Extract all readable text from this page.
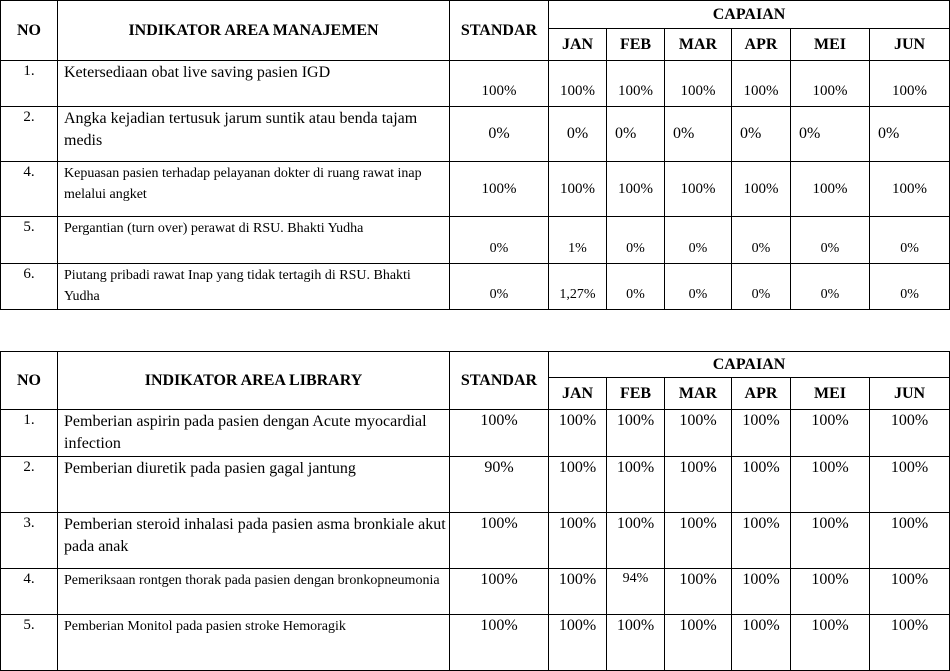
NO	INDIKATOR AREA MANAJEMEN	STANDAR	CAPAIAN					
			JAN	FEB	MAR	APR	MEI	JUN
1.	Ketersediaan obat live saving pasien IGD	100%	100%	100%	100%	100%	100%	100%
2.	Angka kejadian tertusuk jarum suntik atau benda tajam medis	0%	0%	0%	0%	0%	0%	0%
4.	Kepuasan pasien terhadap pelayanan dokter di ruang rawat inap melalui angket	100%	100%	100%	100%	100%	100%	100%
5.	Pergantian (turn over) perawat di RSU. Bhakti Yudha	0%	1%	0%	0%	0%	0%	0%
6.	Piutang pribadi rawat Inap yang tidak tertagih di RSU. Bhakti Yudha	0%	1,27%	0%	0%	0%	0%	0%
NO	INDIKATOR AREA LIBRARY	STANDAR	CAPAIAN					
			JAN	FEB	MAR	APR	MEI	JUN
1.	Pemberian aspirin pada pasien dengan Acute myocardial infection	100%	100%	100%	100%	100%	100%	100%
2.	Pemberian diuretik pada pasien gagal jantung	90%	100%	100%	100%	100%	100%	100%
3.	Pemberian steroid inhalasi pada pasien asma bronkiale akut pada anak	100%	100%	100%	100%	100%	100%	100%
4.	Pemeriksaan rontgen thorak pada pasien dengan bronkopneumonia	100%	100%	94%	100%	100%	100%	100%
5.	Pemberian Monitol pada pasien stroke Hemoragik	100%	100%	100%	100%	100%	100%	100%
